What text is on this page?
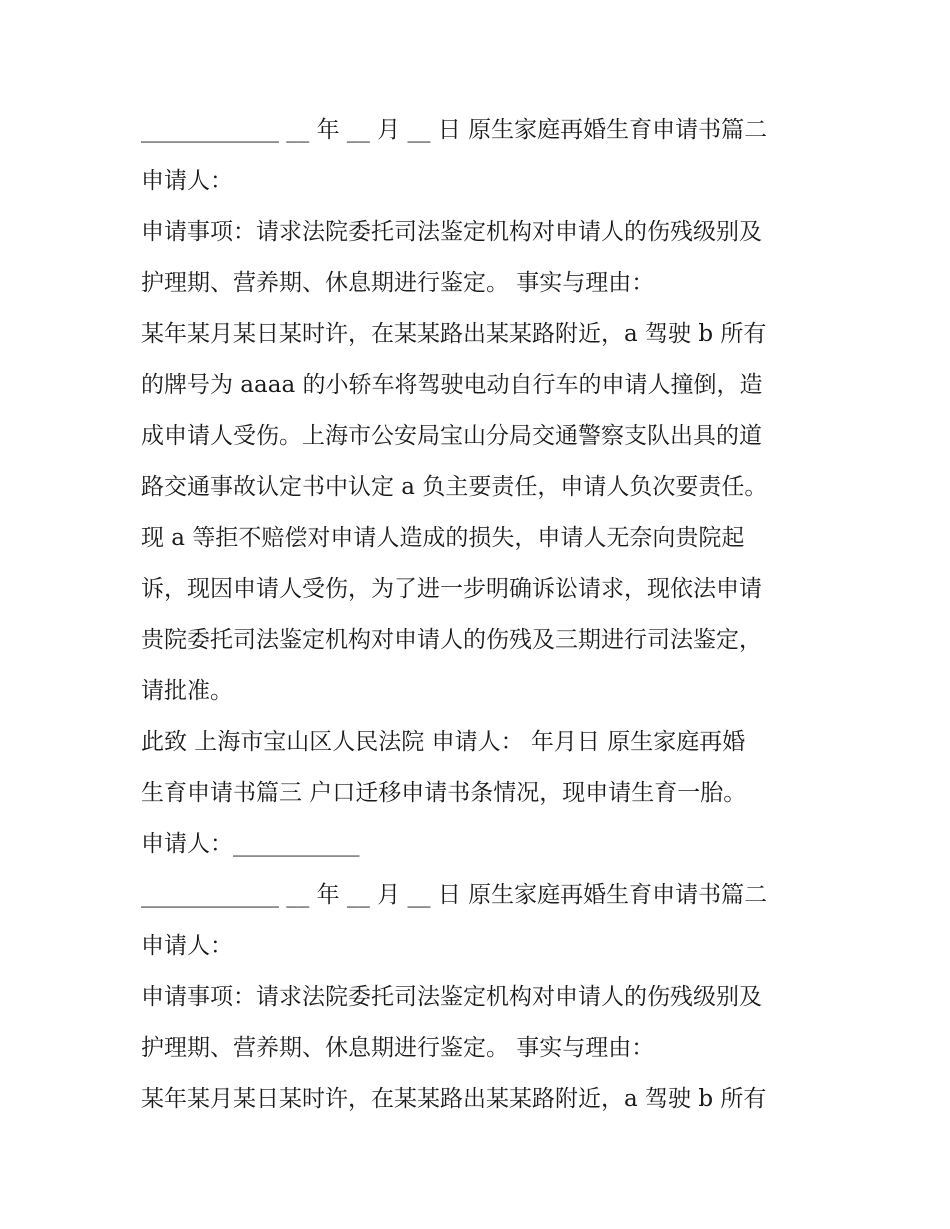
____________ __ 年 __ 月 __ 日 原生家庭再婚生育申请书篇二
申请人：
申请事项：请求法院委托司法鉴定机构对申请人的伤残级别及
护理期、营养期、休息期进行鉴定。 事实与理由：
某年某月某日某时许，在某某路出某某路附近，a 驾驶 b 所有
的牌号为 aaaa 的小轿车将驾驶电动自行车的申请人撞倒，造
成申请人受伤。上海市公安局宝山分局交通警察支队出具的道
路交通事故认定书中认定 a 负主要责任，申请人负次要责任。
现 a 等拒不赔偿对申请人造成的损失，申请人无奈向贵院起
诉，现因申请人受伤，为了进一步明确诉讼请求，现依法申请
贵院委托司法鉴定机构对申请人的伤残及三期进行司法鉴定，
请批准。
此致 上海市宝山区人民法院 申请人： 年月日 原生家庭再婚
生育申请书篇三 户口迁移申请书条情况，现申请生育一胎。
申请人：___________
____________ __ 年 __ 月 __ 日 原生家庭再婚生育申请书篇二
申请人：
申请事项：请求法院委托司法鉴定机构对申请人的伤残级别及
护理期、营养期、休息期进行鉴定。 事实与理由：
某年某月某日某时许，在某某路出某某路附近，a 驾驶 b 所有
